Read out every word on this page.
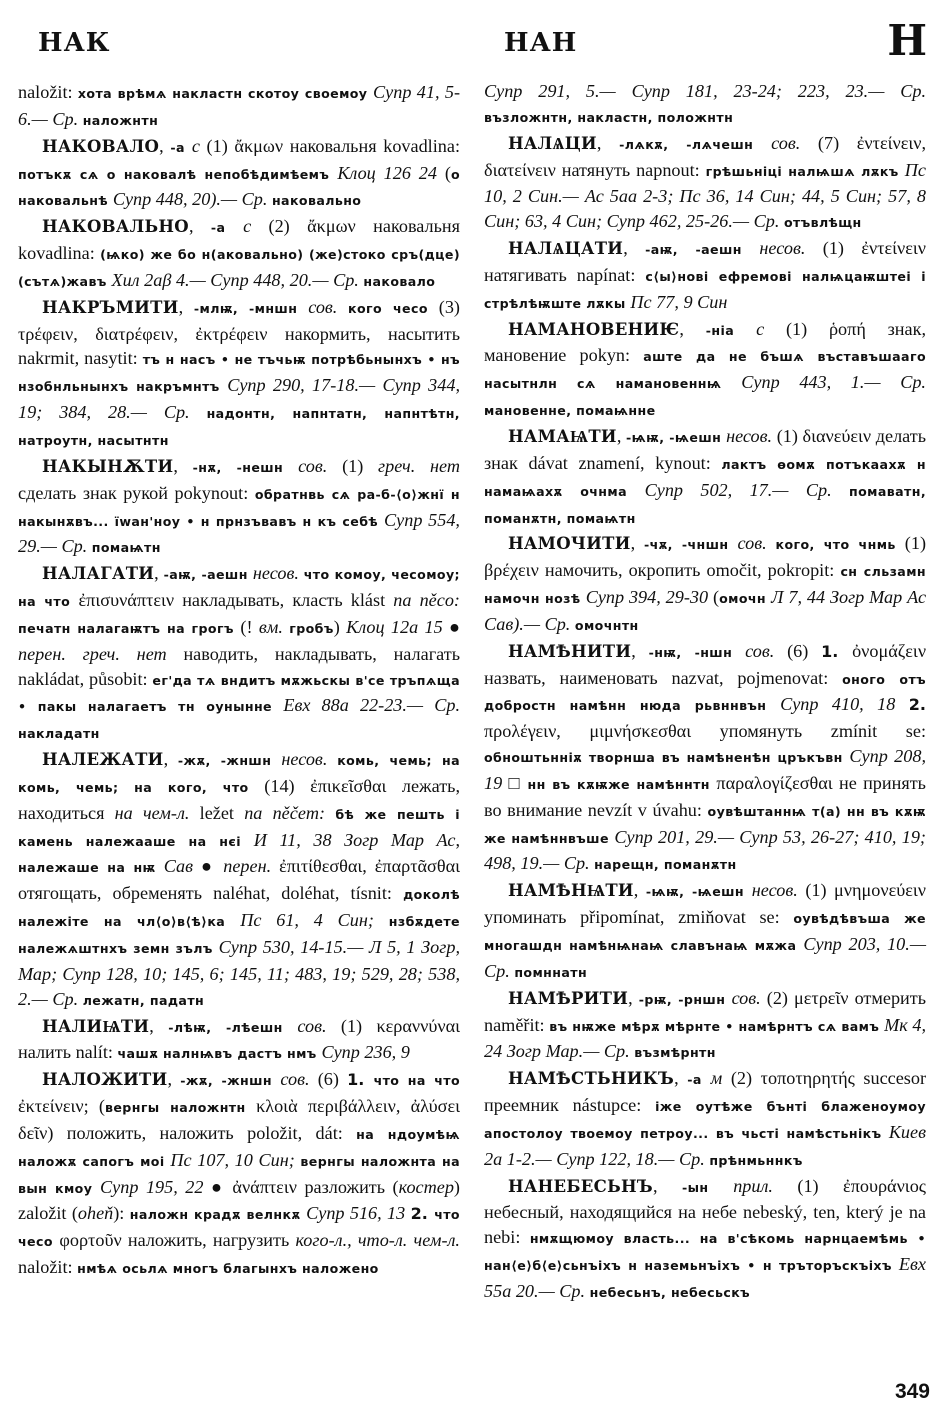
НАК	НАН	Н

naložit: хота врѣмѧ накластн скотоу своемоу Супр 41, 5-6.— Ср. наложнтн

НАКОВАЛО, -а с (1) ἄκμων наковальня kovadlina: потъкѫ сѧ о наковалѣ непобѣдимѣемъ Клоц 126 24 (о наковальнѣ Супр 448, 20).— Ср. наковально

НАКОВАЛЬНО, -а с (2) ἄκμων наковальня kovadlina: (ѩко) же бо н(аковально) (же)стоко сръ(дце) (сътѧ)жавъ Хил 2аβ 4.— Супр 448, 20.— Ср. наковало

НАКРЪМИТИ, -млѭ, -мншн сов. кого чесо (3) τρέφειν, διατρέφειν, ἐκτρέφειν накормить, насытить nakrmit, nasytit: тъ н насъ • не тъчьѭ потрѣбьнынхъ • нъ нзобнльнынхъ накръмнтъ Супр 290, 17-18.— Супр 344, 19; 384, 28.— Ср. надонтн, напнтатн, напнтѣтн, натроутн, насытнтн

НАКЫНѪТИ, -нѫ, -нешн сов. (1) греч. нет сделать знак рукой pokynout: обратнвь сѧ ра-б-⟨о⟩жнї н накынѫвъ... їwан'ноу • н прнзъвавъ н къ себѣ Супр 554, 29.— Ср. помаѩтн

НАЛАГАТИ, -аѭ, -аешн несов. что комоу, чесомоу; на что ἐπισυνάπτειν накладывать, класть klást na něco: печатн налагаѭтъ на грогъ (! вм. гробъ) Клоц 12а 15 ● перен. греч. нет наводить, накладывать, налагать nakládat, působit: ег'да тѧ вндитъ мѫжьскы в'се тръпѧща • пакы налагаетъ тн оунынне Евх 88а 22-23.— Ср. накладатн

НАЛЕЖАТИ, -жѫ, -жншн несов. комь, чемь; на комь, чемь; на кого, что (14) ἐπικεῖσθαι лежать, находиться на чем-л. ležet na něčem: бѣ же пешть і камень належааше на нєі И 11, 38 Зогр Мар Ас, належаше на нѭ Сав ● перен. ἐπιτίθεσθαι, ἐπαρτᾶσθαι отягощать, обременять naléhat, doléhat, tísnit: доколѣ належіте на чл⟨о⟩в⟨ѣ⟩ка Пс 61, 4 Син; нзбѫдете належѧштнхъ земн зълъ Супр 530, 14-15.— Л 5, 1 Зогр, Мар; Супр 128, 10; 145, 6; 145, 11; 483, 19; 529, 28; 538, 2.— Ср. лежатн, падатн

НАЛИѨТИ, -лѣѭ, -лѣешн сов. (1) κεραννύναι налить nalít: чашѫ налнѩвъ дастъ нмъ Супр 236, 9

НАЛОЖИТИ, -жѫ, -жншн сов. (6) 1. что на что ἐκτείνειν; (вернгы наложнтн κλοιὰ περιβάλλειν, ἀλύσει δεῖν) положить, наложить položit, dát: на ндоумѣѩ наложѫ сапогъ моі Пс 107, 10 Син; вернгы наложнта на вын кмоу Супр 195, 22 ● ἀνάπτειν разложить (костер) založit (oheň): наложн крадѫ велнкѫ Супр 516, 13 2. что чесо φορτοῦν наложить, нагрузить кого-л., что-л. чем-л. naložit: нмѣѧ осьлѧ многъ благынхъ наложено

Супр 291, 5.— Супр 181, 23-24; 223, 23.— Ср. възложнтн, накластн, положнтн

НАЛѦЦИ, -лѧкѫ, -лѧчешн сов. (7) ἐντείνειν, διατείνειν натянуть napnout: грѣшьніці налѩшѧ лѫкъ Пс 10, 2 Син.— Ас 5аа 2-3; Пс 36, 14 Син; 44, 5 Син; 57, 8 Син; 63, 4 Син; Супр 462, 25-26.— Ср. отъвлѣщн

НАЛѦЦАТИ, -аѭ, -аешн несов. (1) ἐντείνειν натягивать napínat: с⟨ы⟩нові ефремові налѩцаѭштеі і стрѣлѣѭште лѫкы Пс 77, 9 Син

НАМАНОВЕНИѤ, -ніа с (1) ῥοπή знак, мановение pokyn: аште да не бъшѧ въставъшааго насытнлн сѧ намановеннѩ Супр 443, 1.— Ср. мановенне, помаѩнне

НАМАѨТИ, -ѩѭ, -ѩешн несов. (1) διανεύειν делать знак dávat znamení, kynout: лактъ ѳомѫ потъкаахѫ н намаѩахѫ очнма Супр 502, 17.— Ср. помаватн, поманѫтн, помаѩтн

НАМОЧИТИ, -чѫ, -чншн сов. кого, что чнмь (1) βρέχειν намочить, окропить omočit, pokropit: сн сльзамн намочн нозѣ Супр 394, 29-30 (омочн Л 7, 44 Зогр Мар Ас Сав).— Ср. омочнтн

НАМѢНИТИ, -нѭ, -ншн сов. (6) 1. ὀνομάζειν назвать, наименовать nazvat, pojmenovat: оного отъ добростн намѣнн нюда рьвннвън Супр 410, 18 2. προλέγειν, μιμνήσκεσθαι упомянуть zmínit se: обноштьнніѫ творнша въ намѣненѣн цръкъвн Супр 208, 19 □ нн въ кѫѭже намѣннтн παραλογίζεσθαι не принять во внимание nevzít v úvahu: оувѣштаннѩ т(а) нн въ кѫѭ же намѣннвъше Супр 201, 29.— Супр 53, 26-27; 410, 19; 498, 19.— Ср. нарещн, поманѫтн

НАМѢНѨТИ, -ѩѭ, -ѩешн несов. (1) μνημονεύειν упоминать připomínat, zmiňovat se: оувѣдѣвъша же многашдн намѣнѩнаѩ славънаѩ мѫжа Супр 203, 10.— Ср. помннатн

НАМѢРИТИ, -рѭ, -рншн сов. (2) μετρεῖν отмерить naměřit: въ нѭже мѣрѫ мѣрнте • намѣрнтъ сѧ вамъ Мк 4, 24 Зогр Мар.— Ср. възмѣрнтн

НАМѢСТЬНИКЪ, -а м (2) τοποτηρητής succesor преемник nástupce: іже оутѣже бънті блаженоумоу апостолоу твоемоу петроу... въ чьсті намѣстьнікъ Киев 2а 1-2.— Супр 122, 18.— Ср. прѣнмьннкъ

НАНЕБЕСЬНЪ, -ын прил. (1) ἐπουράνιος небесный, находящийся на небе nebeský, ten, který je na nebi: нмѫщюмоу власть... на в'сѣкомь нарнцаемѣмь • нан⟨е⟩б⟨е⟩сьнъіхъ н наземьнъіхъ • н тръторъскъіхъ Евх 55а 20.— Ср. небесьнъ, небесьскъ

349
